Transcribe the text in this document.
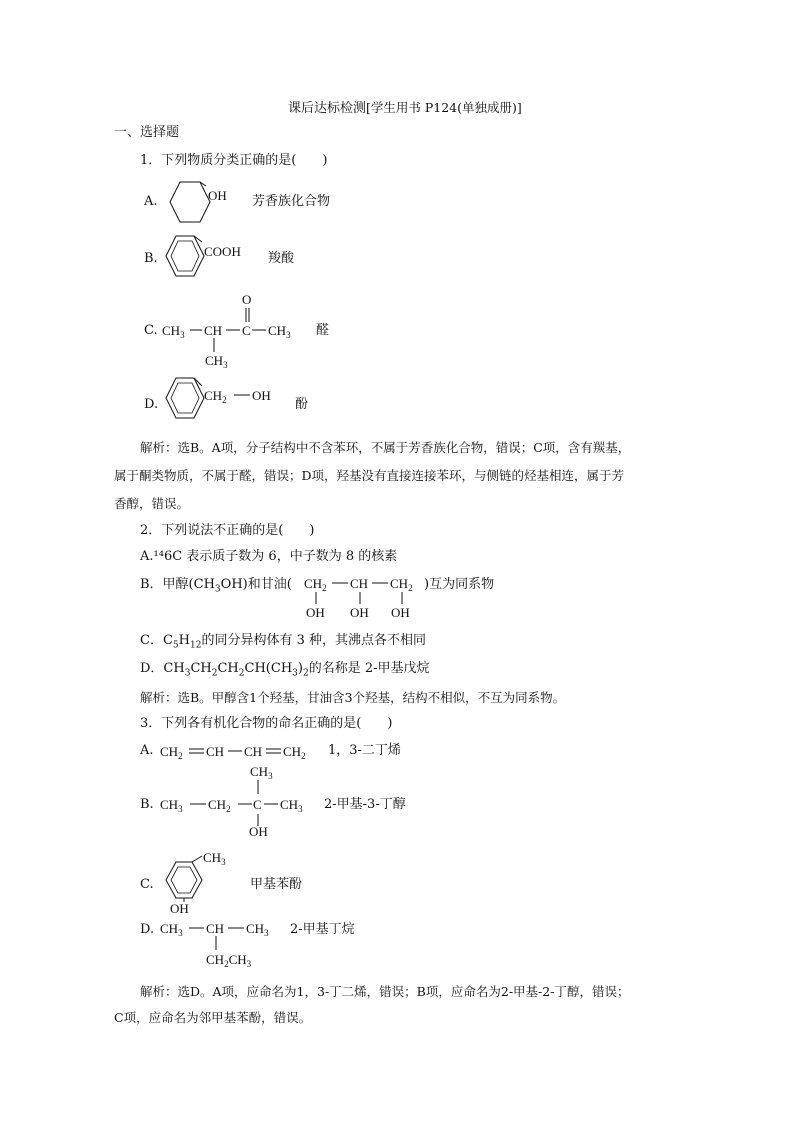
课后达标检测[学生用书 P124(单独成册)]
一、选择题
1．下列物质分类正确的是(　　)
A.	OH 芳香族化合物
B.	COOH 羧酸
C.
O
$CH_3$ CH C $CH_3$
$CH_3$
醛
D.
$CH_2$ OH
酚
解析：选B。A项，分子结构中不含苯环，不属于芳香族化合物，错误；C项，含有羰基，
属于酮类物质，不属于醛，错误；D项，羟基没有直接连接苯环，与侧链的烃基相连，属于芳
香醇，错误。
2．下列说法不正确的是(　　)
A.¹⁴6C 表示质子数为 6，中子数为 8 的核素
B．甲醇$(CH_3OH)$和甘油( $CH_2$ CH $CH_2$
OH OH OH
)互为同系物
C．$C_5H_{12}$的同分异构体有 3 种，其沸点各不相同
D．$CH_3CH_2CH_2CH(CH_3)_2$的名称是 2-甲基戊烷
解析：选B。甲醇含1个羟基，甘油含3个羟基，结构不相似，不互为同系物。
3．下列各有机化合物的命名正确的是(　　)
A. $CH_2$ CH CH $CH_2$ 1，3-二丁烯
B.
$CH_3$
$CH_3$ $CH_2$ C $CH_3$
OH
2-甲基-3-丁醇
C.
$CH_3$
OH
甲基苯酚
D. $CH_3$ CH $CH_3$
$CH_2CH_3$
2-甲基丁烷
解析：选D。A项，应命名为1，3-丁二烯，错误；B项，应命名为2-甲基-2-丁醇，错误；
C项，应命名为邻甲基苯酚，错误。
